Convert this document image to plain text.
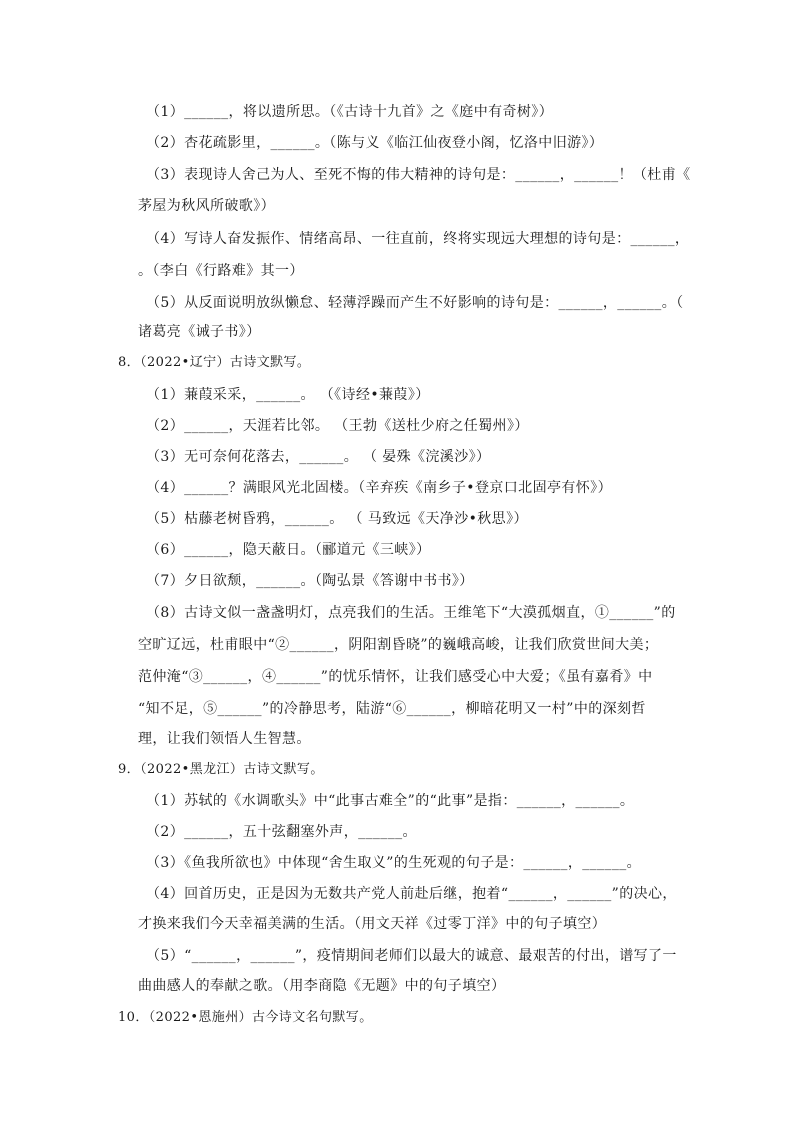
（1）______，将以遗所思。（《古诗十九首》之《庭中有奇树》）
（2）杏花疏影里，______。（陈与义《临江仙夜登小阁，忆洛中旧游》）
（3）表现诗人舍己为人、至死不悔的伟大精神的诗句是：______，______！（杜甫《
茅屋为秋风所破歌》）
（4）写诗人奋发振作、情绪高昂、一往直前，终将实现远大理想的诗句是：______，
。（李白《行路难》其一）
（5）从反面说明放纵懒怠、轻薄浮躁而产生不好影响的诗句是：______，______。（
诸葛亮《诫子书》）
8．（2022•辽宁）古诗文默写。
（1）蒹葭采采，______。 （《诗经•蒹葭》）
（2）______，天涯若比邻。 （王勃《送杜少府之任蜀州》）
（3）无可奈何花落去，______。 （ 晏殊《浣溪沙》）
（4）______？满眼风光北固楼。（辛弃疾《南乡子•登京口北固亭有怀》）
（5）枯藤老树昏鸦，______。 （ 马致远《天净沙•秋思》）
（6）______，隐天蔽日。（郦道元《三峡》）
（7）夕日欲颓，______。（陶弘景《答谢中书书》）
（8）古诗文似一盏盏明灯，点亮我们的生活。王维笔下“大漠孤烟直，①______”的
空旷辽远，杜甫眼中“②______，阴阳割昏晓”的巍峨高峻，让我们欣赏世间大美；
范仲淹“③______，④______”的忧乐情怀，让我们感受心中大爱；《虽有嘉肴》中
“知不足，⑤______”的冷静思考，陆游“⑥______，柳暗花明又一村”中的深刻哲
理，让我们领悟人生智慧。
9．（2022•黑龙江）古诗文默写。
（1）苏轼的《水调歌头》中“此事古难全”的“此事”是指：______，______。
（2）______，五十弦翻塞外声，______。
（3）《鱼我所欲也》中体现“舍生取义”的生死观的句子是：______，______。
（4）回首历史，正是因为无数共产党人前赴后继，抱着“______，______”的决心，
才换来我们今天幸福美满的生活。（用文天祥《过零丁洋》中的句子填空）
（5）“______，______”，疫情期间老师们以最大的诚意、最艰苦的付出，谱写了一
曲曲感人的奉献之歌。（用李商隐《无题》中的句子填空）
10．（2022•恩施州）古今诗文名句默写。
